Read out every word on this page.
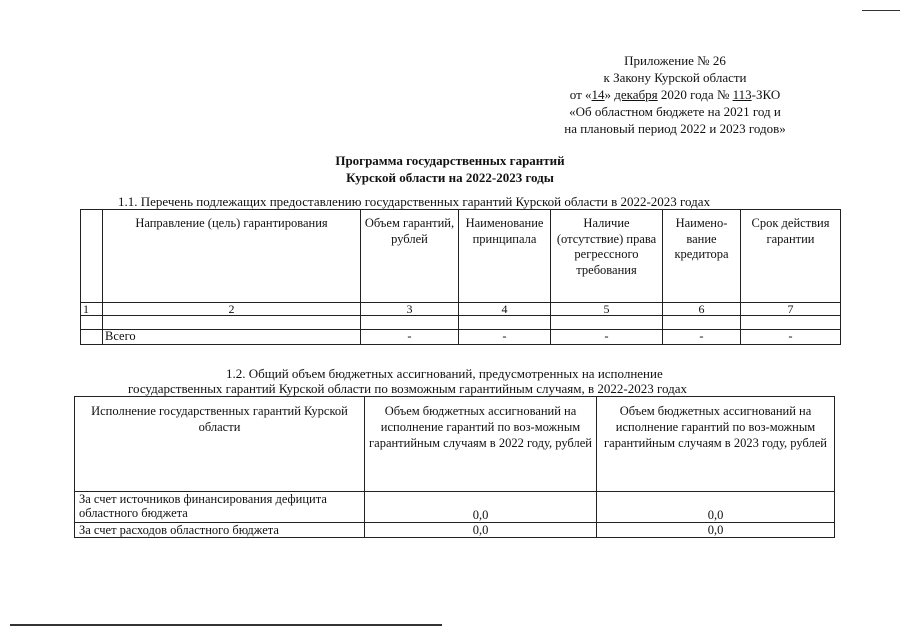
Приложение № 26
к Закону Курской области
от «14» декабря 2020 года № 113-ЗКО
«Об областном бюджете на 2021 год и
на плановый период 2022 и 2023 годов»
Программа государственных гарантий
Курской области на 2022-2023 годы
1.1. Перечень подлежащих предоставлению государственных гарантий Курской области в 2022-2023 годах
	Направление (цель) гарантирования	Объем гарантий, рублей	Наименование принципала	Наличие (отсутствие) права регрессного требования	Наимено-вание кредитора	Срок действия гарантии
1	2	3	4	5	6	7

	Всего	-	-	-	-	-
1.2. Общий объем бюджетных ассигнований, предусмотренных на исполнение
государственных гарантий Курской области по возможным гарантийным случаям, в 2022-2023 годах
Исполнение государственных гарантий Курской области	Объем бюджетных ассигнований на исполнение гарантий по воз-можным гарантийным случаям в 2022 году, рублей	Объем бюджетных ассигнований на исполнение гарантий по воз-можным гарантийным случаям в 2023 году, рублей
За счет источников финансирования дефицита областного бюджета	0,0	0,0
За счет расходов областного бюджета	0,0	0,0
